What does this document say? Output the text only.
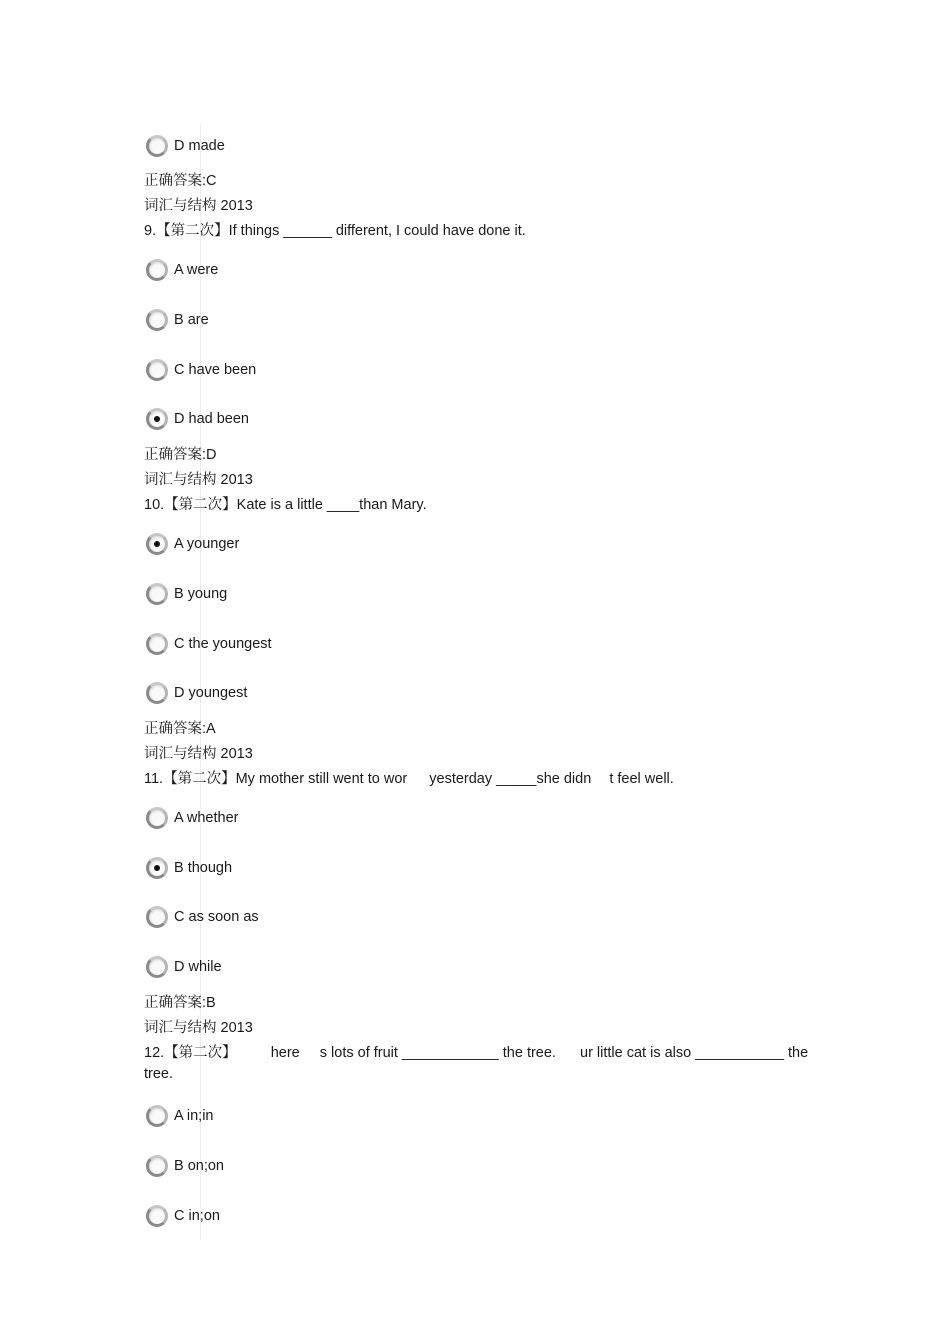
D made
正确答案:C
词汇与结构 2013
9.【第二次】If things ______ different, I could have done it.
A were
B are
C have been
D had been
正确答案:D
词汇与结构 2013
10.【第二次】Kate is a little ____than Mary.
A younger
B young
C the youngest
D youngest
正确答案:A
词汇与结构 2013
11.【第二次】My mother still went to wor yesterday _____she didn t feel well.
A whether
B though
C as soon as
D while
正确答案:B
词汇与结构 2013
12.【第二次】 here s lots of fruit ____________ the tree. ur little cat is also ___________ the
tree.
A in;in
B on;on
C in;on
